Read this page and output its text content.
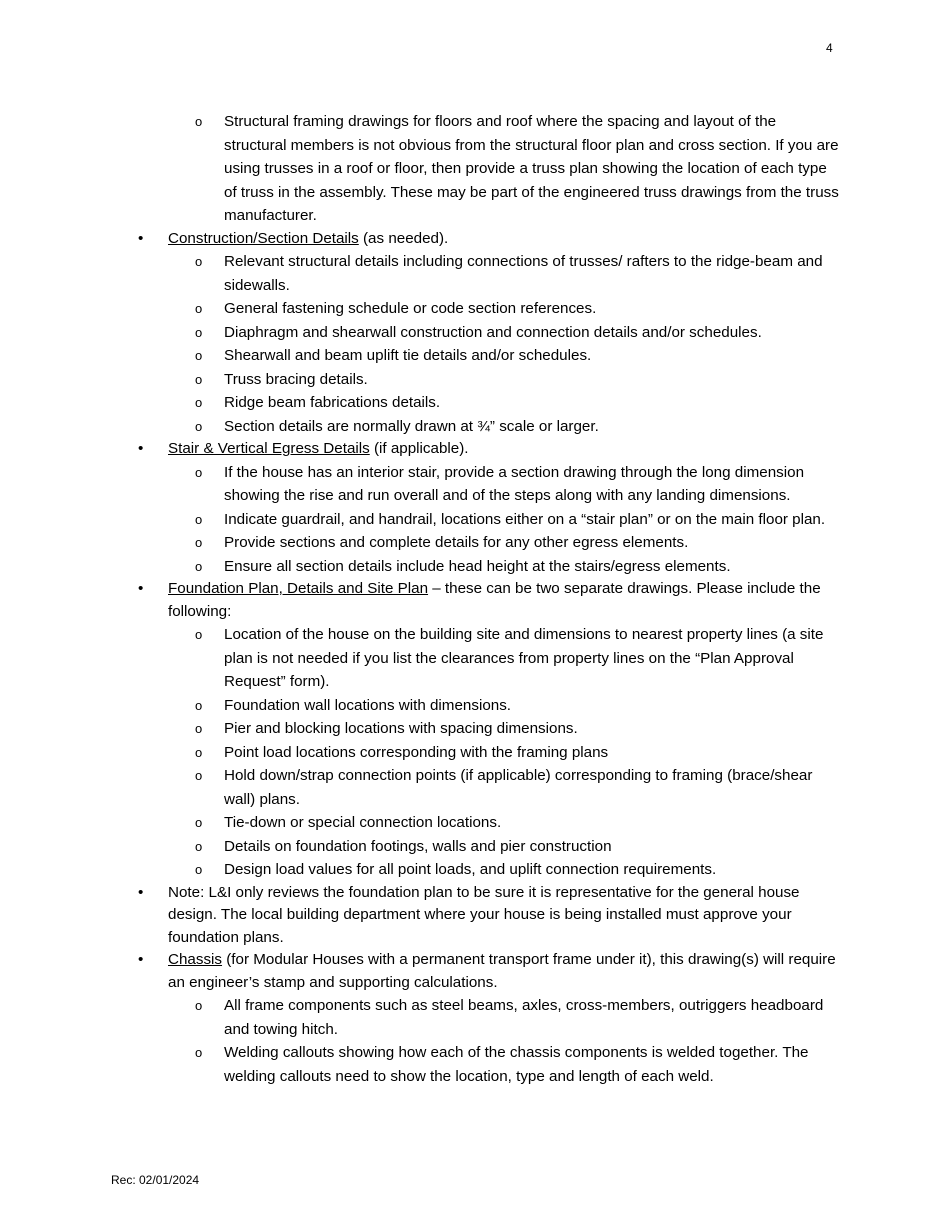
4
o Structural framing drawings for floors and roof where the spacing and layout of the structural members is not obvious from the structural floor plan and cross section. If you are using trusses in a roof or floor, then provide a truss plan showing the location of each type of truss in the assembly. These may be part of the engineered truss drawings from the truss manufacturer.
• Construction/Section Details (as needed).
o Relevant structural details including connections of trusses/ rafters to the ridge-beam and sidewalls.
o General fastening schedule or code section references.
o Diaphragm and shearwall construction and connection details and/or schedules.
o Shearwall and beam uplift tie details and/or schedules.
o Truss bracing details.
o Ridge beam fabrications details.
o Section details are normally drawn at ¾” scale or larger.
• Stair & Vertical Egress Details (if applicable).
o If the house has an interior stair, provide a section drawing through the long dimension showing the rise and run overall and of the steps along with any landing dimensions.
o Indicate guardrail, and handrail, locations either on a “stair plan” or on the main floor plan.
o Provide sections and complete details for any other egress elements.
o Ensure all section details include head height at the stairs/egress elements.
• Foundation Plan, Details and Site Plan – these can be two separate drawings. Please include the following:
o Location of the house on the building site and dimensions to nearest property lines (a site plan is not needed if you list the clearances from property lines on the “Plan Approval Request” form).
o Foundation wall locations with dimensions.
o Pier and blocking locations with spacing dimensions.
o Point load locations corresponding with the framing plans
o Hold down/strap connection points (if applicable) corresponding to framing (brace/shear wall) plans.
o Tie-down or special connection locations.
o Details on foundation footings, walls and pier construction
o Design load values for all point loads, and uplift connection requirements.
• Note: L&I only reviews the foundation plan to be sure it is representative for the general house design. The local building department where your house is being installed must approve your foundation plans.
• Chassis (for Modular Houses with a permanent transport frame under it), this drawing(s) will require an engineer’s stamp and supporting calculations.
o All frame components such as steel beams, axles, cross-members, outriggers headboard and towing hitch.
o Welding callouts showing how each of the chassis components is welded together. The welding callouts need to show the location, type and length of each weld.
Rec: 02/01/2024
